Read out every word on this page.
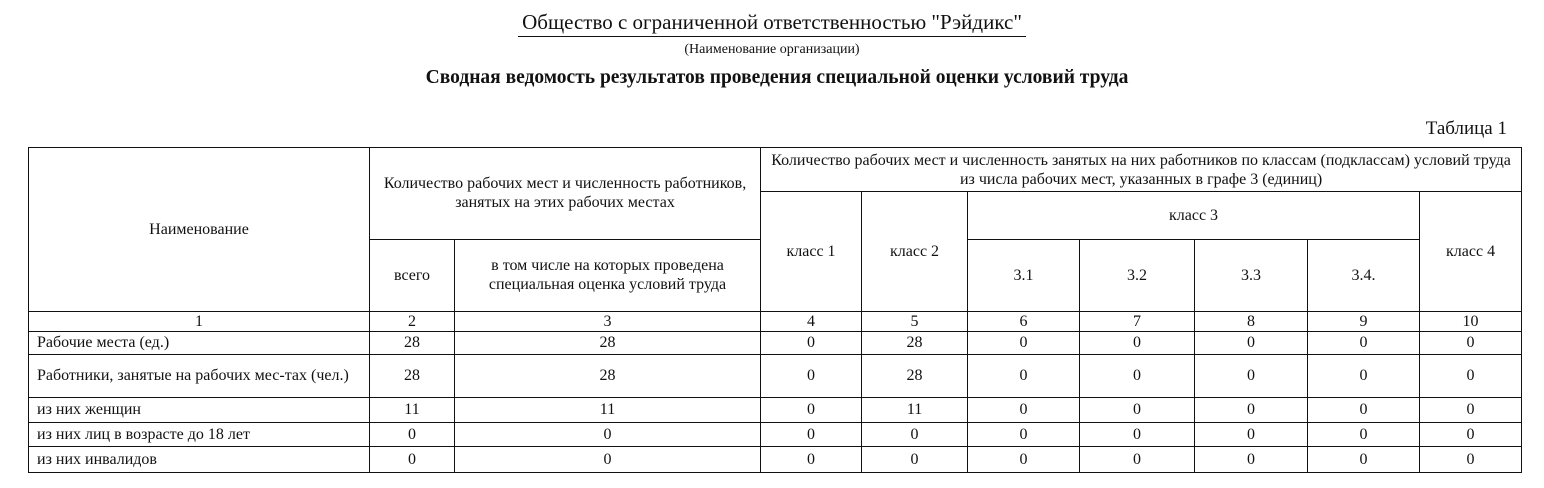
Общество с ограниченной ответственностью "Рэйдикс"
(Наименование организации)
Сводная ведомость результатов проведения специальной оценки условий труда
Таблица 1
Наименование	Количество рабочих мест и численность работников, занятых на этих рабочих местах		Количество рабочих мест и численность занятых на них работников по классам (подклассам) условий труда из числа рабочих мест, указанных в графе 3 (единиц)						
			класс 1	класс 2	класс 3				класс 4
	всего	в том числе на которых проведена специальная оценка условий труда			3.1	3.2	3.3	3.4.	
1	2	3	4	5	6	7	8	9	10
Рабочие места (ед.)	28	28	0	28	0	0	0	0	0
Работники, занятые на рабочих мес-тах (чел.)	28	28	0	28	0	0	0	0	0
из них женщин	11	11	0	11	0	0	0	0	0
из них лиц в возрасте до 18 лет	0	0	0	0	0	0	0	0	0
из них инвалидов	0	0	0	0	0	0	0	0	0
